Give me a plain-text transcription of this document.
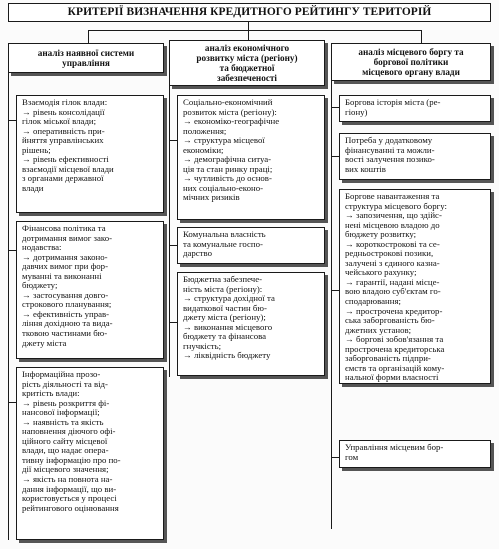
КРИТЕРІЇ ВИЗНАЧЕННЯ КРЕДИТНОГО РЕЙТИНГУ ТЕРИТОРІЙ
аналіз наявної системи
управління
аналіз економічного
розвитку міста (регіону)
та бюджетної
забезпеченості
аналіз місцевого боргу та
боргової політики
місцевого органу влади
Взаємодія гілок влади:
→ рівень консолідації
гілок міської влади;
→ оперативність при-
йняття управлінських
рішень;
→ рівень ефективності
взаємодії місцевої влади
з органами державної
влади
Фінансова політика та
дотримання вимог зако-
нодавства:
→ дотримання законо-
давчих вимог при фор-
муванні та виконанні
бюджету;
→ застосування довго-
строкового планування;
→ ефективність управ-
ління дохідною та вида-
тковою частинами бю-
джету міста
Інформаційна прозо-
рість діяльності та від-
критість влади:
→ рівень розкриття фі-
нансової інформації;
→ наявність та якість
наповнення діючого офі-
ційного сайту місцевої
влади, що надає опера-
тивну інформацію про по-
дії місцевого значення;
→ якість на повнота на-
дання інформації, що ви-
користовується у процесі
рейтингового оцінювання
Соціально-економічний
розвиток міста (регіону):
→ економіко-географічне
положення;
→ структура місцевої
економіки;
→ демографічна ситуа-
ція та стан ринку праці;
→ чутливість до основ-
них соціально-еконо-
мічних ризиків
Комунальна власність
та комунальне госпо-
дарство
Бюджетна забезпече-
ність міста (регіону):
→ структура дохідної та
видаткової частин бю-
джету міста (регіону);
→ виконання місцевого
бюджету та фінансова
гнучкість;
→ ліквідність бюджету
Боргова історія міста (ре-
гіону)
Потреба у додатковому
фінансуванні та можли-
вості залучення позико-
вих коштів
Боргове навантаження та
структура місцевого боргу:
→ запозичення, що здійс-
нені місцевою владою до
бюджету розвитку;
→ короткострокові та се-
редньострокові позики,
залучені з єдиного казна-
чейського рахунку;
→ гарантії, надані місце-
вою владою суб'єктам го-
сподарювання;
→ прострочена кредитор-
ська заборгованість бю-
джетних установ;
→ боргові зобов'язання та
прострочена кредиторська
заборгованість підпри-
ємств та організацій кому-
нальної форми власності
Управління місцевим бор-
гом
